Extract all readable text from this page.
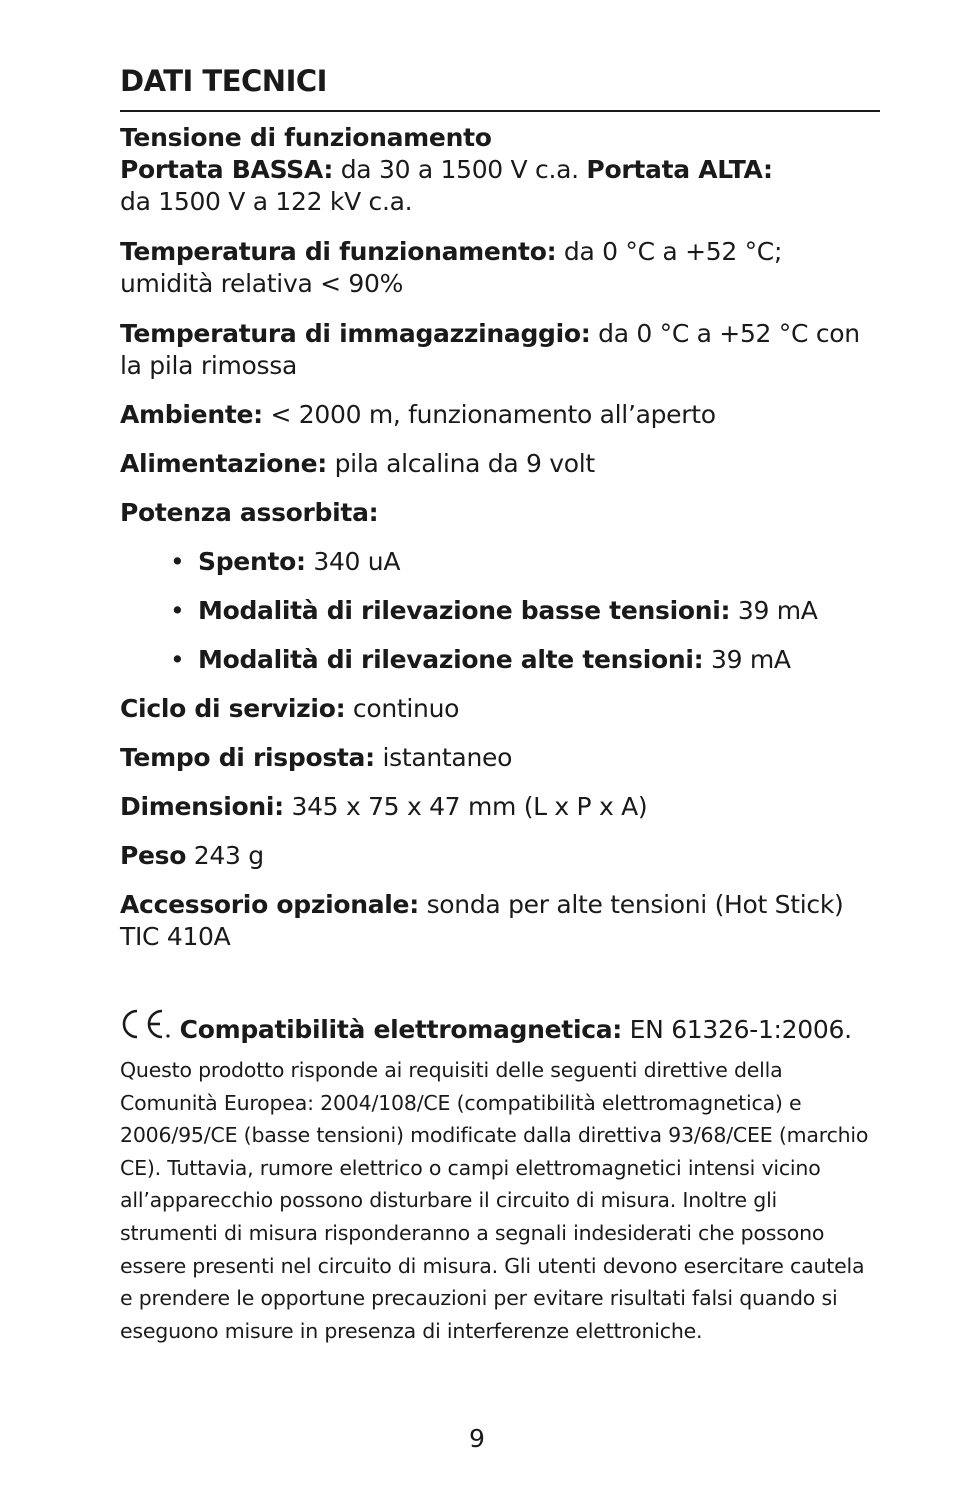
DATI TECNICI

Tensione di funzionamento
Portata BASSA: da 30 a 1500 V c.a. Portata ALTA:
da 1500 V a 122 kV c.a.

Temperatura di funzionamento: da 0 °C a +52 °C; umidità relativa < 90%

Temperatura di immagazzinaggio: da 0 °C a +52 °C con la pila rimossa

Ambiente: < 2000 m, funzionamento all’aperto

Alimentazione: pila alcalina da 9 volt

Potenza assorbita:

• Spento: 340 uA

• Modalità di rilevazione basse tensioni: 39 mA

• Modalità di rilevazione alte tensioni: 39 mA

Ciclo di servizio: continuo

Tempo di risposta: istantaneo

Dimensioni: 345 x 75 x 47 mm (L x P x A)

Peso 243 g

Accessorio opzionale: sonda per alte tensioni (Hot Stick) TIC 410A

Compatibilità elettromagnetica: EN 61326-1:2006.
Questo prodotto risponde ai requisiti delle seguenti direttive della Comunità Europea: 2004/108/CE (compatibilità elettromagnetica) e 2006/95/CE (basse tensioni) modificate dalla direttiva 93/68/CEE (marchio CE). Tuttavia, rumore elettrico o campi elettromagnetici intensi vicino all’apparecchio possono disturbare il circuito di misura. Inoltre gli strumenti di misura risponderanno a segnali indesiderati che possono essere presenti nel circuito di misura. Gli utenti devono esercitare cautela e prendere le opportune precauzioni per evitare risultati falsi quando si eseguono misure in presenza di interferenze elettroniche.
9
